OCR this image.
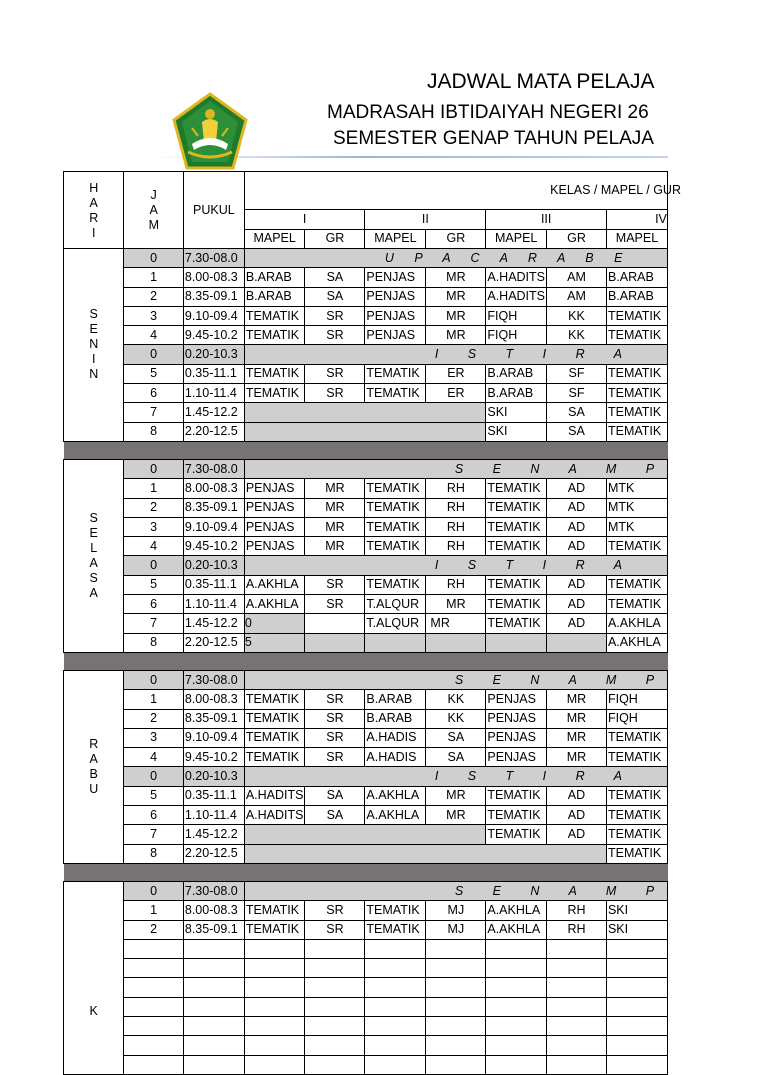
JADWAL MATA PELAJA
MADRASAH IBTIDAIYAH NEGERI 26
SEMESTER GENAP TAHUN PELAJA
H A R I	J A M	PUKUL	KELAS / MAPEL / GUR						
			I		II		III		IV
			MAPEL	GR	MAPEL	GR	MAPEL	GR	MAPEL

S E N I N	0	7.30-08.0	U P A C A R A B E						
	1	8.00-08.3	B.ARAB	SA	PENJAS	MR	A.HADITS	AM	B.ARAB
	2	8.35-09.1	B.ARAB	SA	PENJAS	MR	A.HADITS	AM	B.ARAB
	3	9.10-09.4	TEMATIK	SR	PENJAS	MR	FIQH	KK	TEMATIK
	4	9.45-10.2	TEMATIK	SR	PENJAS	MR	FIQH	KK	TEMATIK
	0	0.20-10.3	I S T I R A						
	5	0.35-11.1	TEMATIK	SR	TEMATIK	ER	B.ARAB	SF	TEMATIK
	6	1.10-11.4	TEMATIK	SR	TEMATIK	ER	B.ARAB	SF	TEMATIK
	7	1.45-12.2					SKI	SA	TEMATIK
	8	2.20-12.5					SKI	SA	TEMATIK

S E L A S A	0	7.30-08.0	S E N A M P						
	1	8.00-08.3	PENJAS	MR	TEMATIK	RH	TEMATIK	AD	MTK
	2	8.35-09.1	PENJAS	MR	TEMATIK	RH	TEMATIK	AD	MTK
	3	9.10-09.4	PENJAS	MR	TEMATIK	RH	TEMATIK	AD	MTK
	4	9.45-10.2	PENJAS	MR	TEMATIK	RH	TEMATIK	AD	TEMATIK
	0	0.20-10.3	I S T I R A						
	5	0.35-11.1	A.AKHLA	SR	TEMATIK	RH	TEMATIK	AD	TEMATIK
	6	1.10-11.4	A.AKHLA	SR	T.ALQUR	MR	TEMATIK	AD	TEMATIK
	7	1.45-12.2	0		T.ALQUR	MR	TEMATIK	AD	A.AKHLA
	8	2.20-12.5	5						A.AKHLA

R A B U	0	7.30-08.0	S E N A M P						
	1	8.00-08.3	TEMATIK	SR	B.ARAB	KK	PENJAS	MR	FIQH
	2	8.35-09.1	TEMATIK	SR	B.ARAB	KK	PENJAS	MR	FIQH
	3	9.10-09.4	TEMATIK	SR	A.HADIS	SA	PENJAS	MR	TEMATIK
	4	9.45-10.2	TEMATIK	SR	A.HADIS	SA	PENJAS	MR	TEMATIK
	0	0.20-10.3	I S T I R A						
	5	0.35-11.1	A.HADITS	SA	A.AKHLA	MR	TEMATIK	AD	TEMATIK
	6	1.10-11.4	A.HADITS	SA	A.AKHLA	MR	TEMATIK	AD	TEMATIK
	7	1.45-12.2					TEMATIK	AD	TEMATIK
	8	2.20-12.5							TEMATIK

K	0	7.30-08.0	S E N A M P						
	1	8.00-08.3	TEMATIK	SR	TEMATIK	MJ	A.AKHLA	RH	SKI
	2	8.35-09.1	TEMATIK	SR	TEMATIK	MJ	A.AKHLA	RH	SKI
